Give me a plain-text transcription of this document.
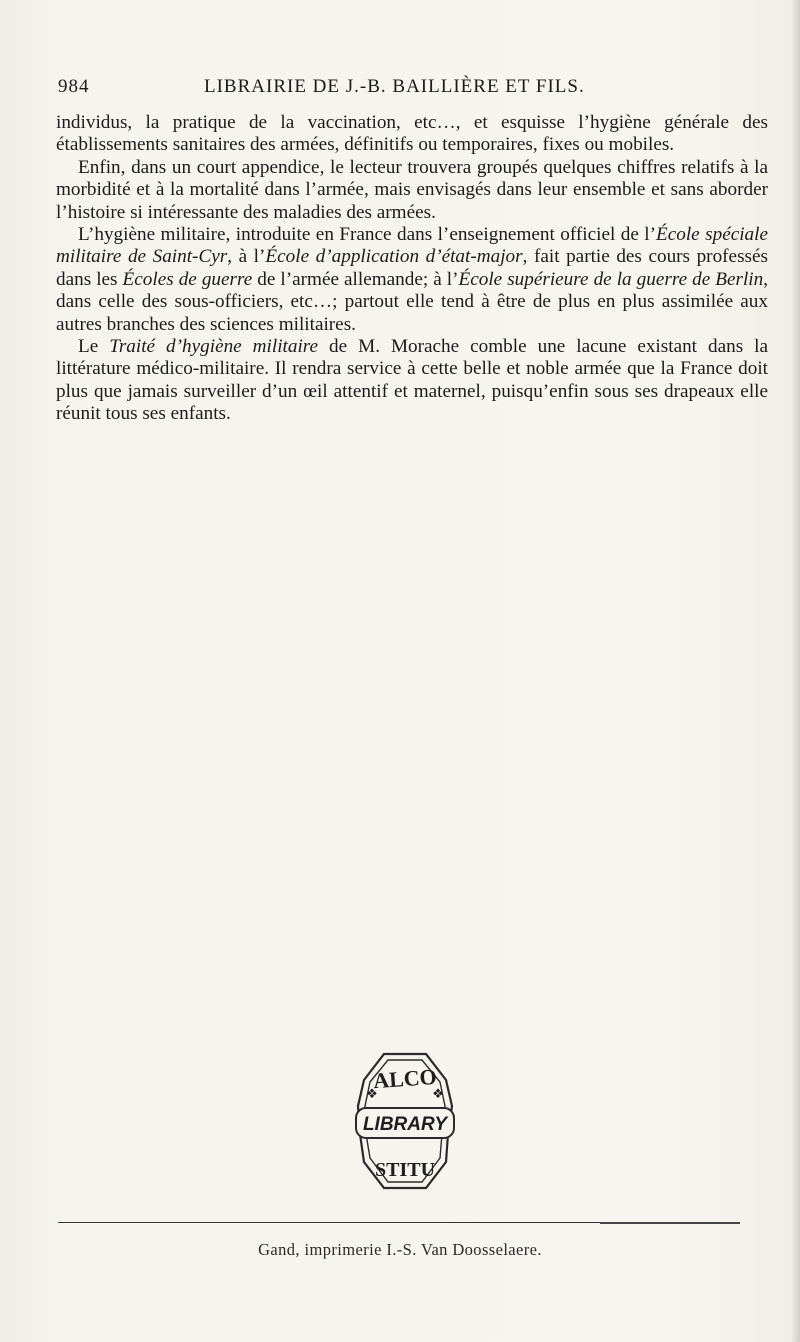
984	LIBRAIRIE DE J.-B. BAILLIÈRE ET FILS.

individus, la pratique de la vaccination, etc…, et esquisse l’hygiène générale des établissements sanitaires des armées, définitifs ou temporaires, fixes ou mobiles.

Enfin, dans un court appendice, le lecteur trouvera groupés quelques chiffres relatifs à la morbidité et à la mortalité dans l’armée, mais envisagés dans leur ensemble et sans aborder l’histoire si intéressante des maladies des armées.

L’hygiène militaire, introduite en France dans l’enseignement officiel de l’École spéciale militaire de Saint-Cyr, à l’École d’application d’état-major, fait partie des cours professés dans les Écoles de guerre de l’armée allemande; à l’École supérieure de la guerre de Berlin, dans celle des sous-officiers, etc…; partout elle tend à être de plus en plus assimilée aux autres branches des sciences militaires.

Le Traité d’hygiène militaire de M. Morache comble une lacune existant dans la littérature médico-militaire. Il rendra service à cette belle et noble armée que la France doit plus que jamais surveiller d’un œil attentif et maternel, puisqu’enfin sous ses drapeaux elle réunit tous ses enfants.

LIBRARY
ALCO
STITU
❖	❖
Gand, imprimerie I.-S. Van Doosselaere.
